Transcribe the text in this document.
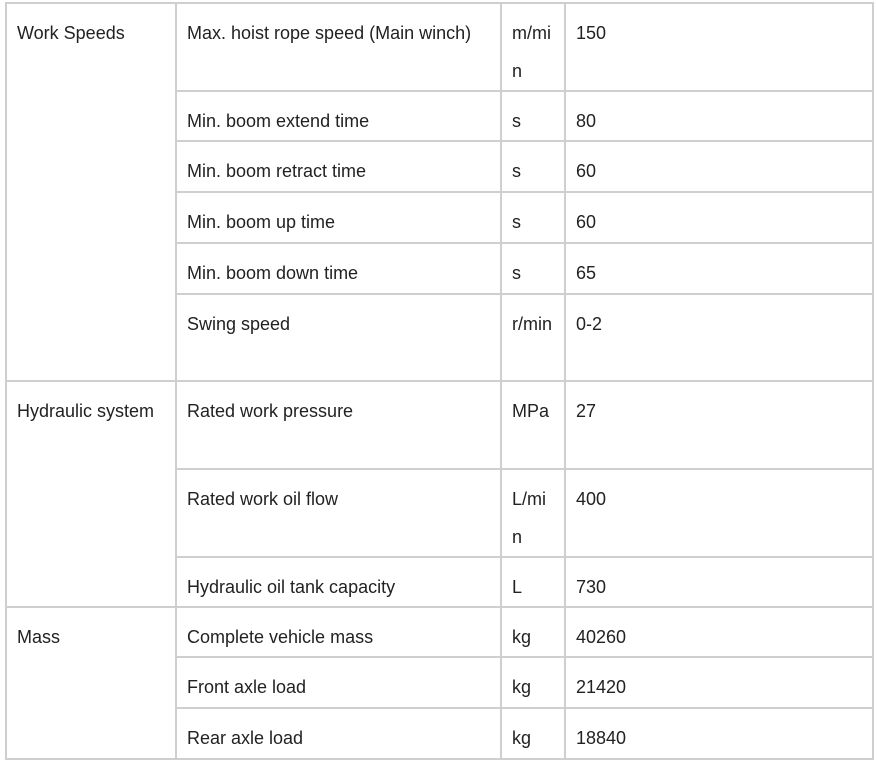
Work Speeds	Max. hoist rope speed (Main winch)	m/min	150
	Min. boom extend time	s	80
	Min. boom retract time	s	60
	Min. boom up time	s	60
	Min. boom down time	s	65
	Swing speed	r/min	0-2
Hydraulic system	Rated work pressure	MPa	27
	Rated work oil flow	L/min	400
	Hydraulic oil tank capacity	L	730
Mass	Complete vehicle mass	kg	40260
	Front axle load	kg	21420
	Rear axle load	kg	18840
